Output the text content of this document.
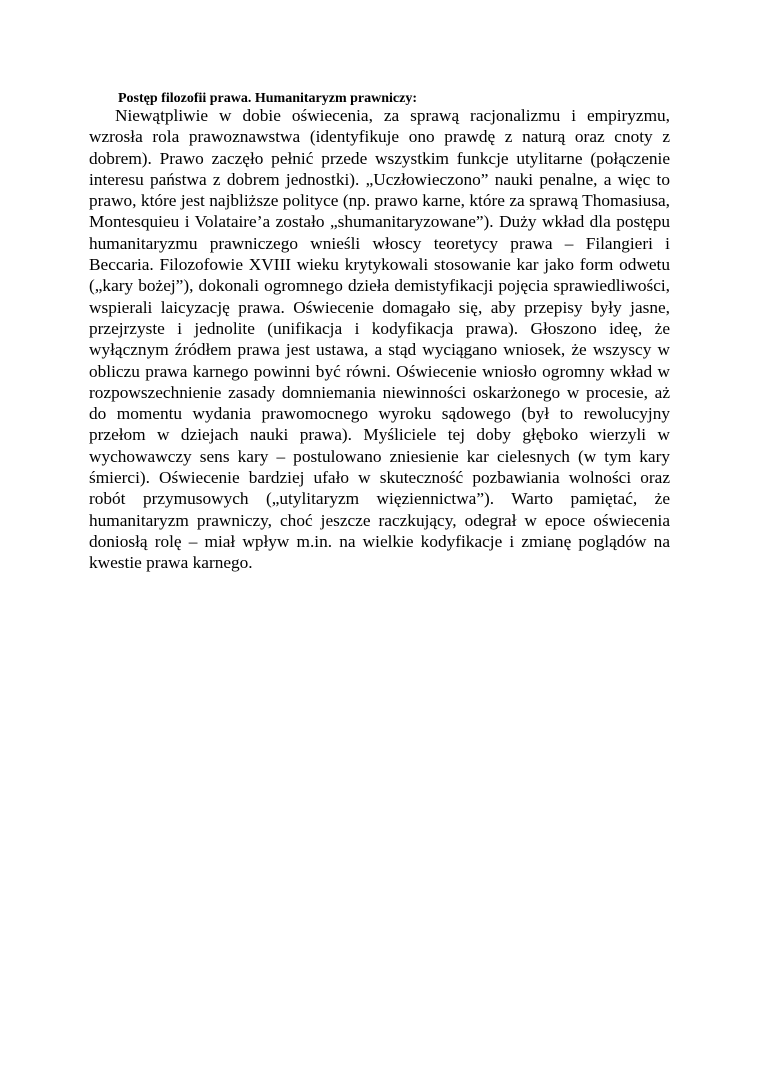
Postęp filozofii prawa. Humanitaryzm prawniczy:

Niewątpliwie w dobie oświecenia, za sprawą racjonalizmu i empiryzmu, wzrosła rola prawoznawstwa (identyfikuje ono prawdę z naturą oraz cnoty z dobrem). Prawo zaczęło pełnić przede wszystkim funkcje utylitarne (połączenie interesu państwa z dobrem jednostki). „Uczłowieczono” nauki penalne, a więc to prawo, które jest najbliższe polityce (np. prawo karne, które za sprawą Thomasiusa, Montesquieu i Volataire’a zostało „shumanitaryzowane”). Duży wkład dla postępu humanitaryzmu prawniczego wnieśli włoscy teoretycy prawa – Filangieri i Beccaria. Filozofowie XVIII wieku krytykowali stosowanie kar jako form odwetu („kary bożej”), dokonali ogromnego dzieła demistyfikacji pojęcia sprawiedliwości, wspierali laicyzację prawa. Oświecenie domagało się, aby przepisy były jasne, przejrzyste i jednolite (unifikacja i kodyfikacja prawa). Głoszono ideę, że wyłącznym źródłem prawa jest ustawa, a stąd wyciągano wniosek, że wszyscy w obliczu prawa karnego powinni być równi. Oświecenie wniosło ogromny wkład w rozpowszechnienie zasady domniemania niewinności oskarżonego w procesie, aż do momentu wydania prawomocnego wyroku sądowego (był to rewolucyjny przełom w dziejach nauki prawa). Myśliciele tej doby głęboko wierzyli w wychowawczy sens kary – postulowano zniesienie kar cielesnych (w tym kary śmierci). Oświecenie bardziej ufało w skuteczność pozbawiania wolności oraz robót przymusowych („utylitaryzm więziennictwa”). Warto pamiętać, że humanitaryzm prawniczy, choć jeszcze raczkujący, odegrał w epoce oświecenia doniosłą rolę – miał wpływ m.in. na wielkie kodyfikacje i zmianę poglądów na kwestie prawa karnego.
